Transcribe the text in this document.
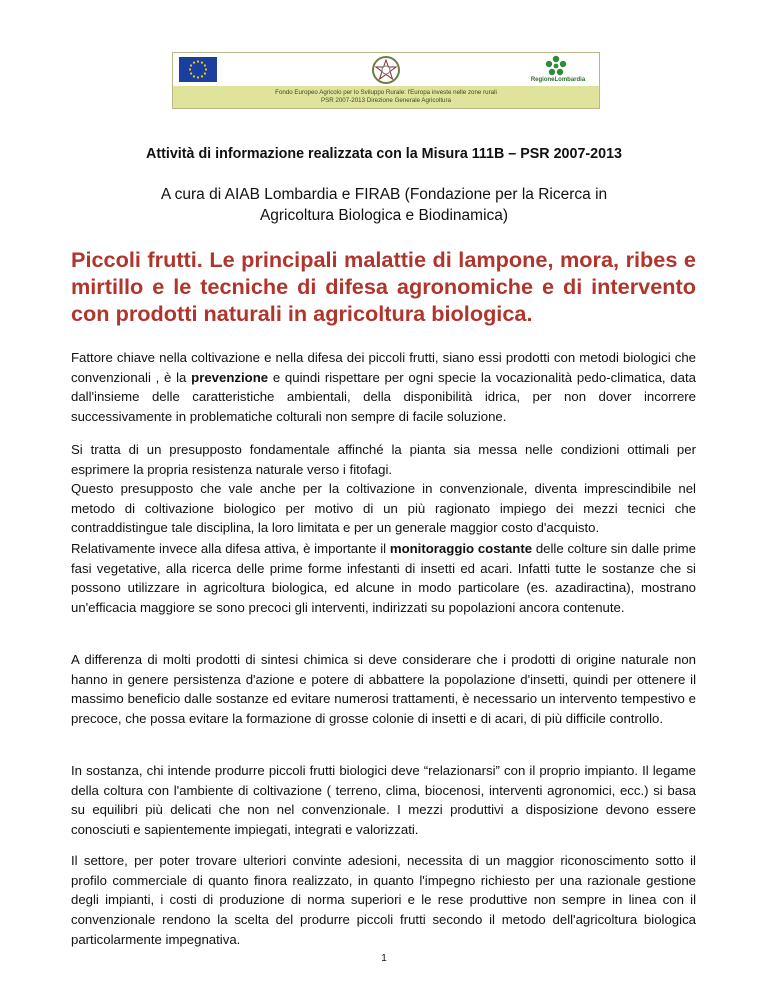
RegioneLombardia
Fondo Europeo Agricolo per lo Sviluppo Rurale: l'Europa investe nelle zone rurali
PSR 2007-2013 Direzione Generale Agricoltura
Attività di informazione realizzata con la Misura 111B – PSR 2007-2013
A cura di AIAB Lombardia e FIRAB (Fondazione per la Ricerca in
Agricoltura Biologica e Biodinamica)
Piccoli frutti. Le principali malattie di lampone, mora, ribes e mirtillo e le tecniche di difesa agronomiche e di intervento con prodotti naturali in agricoltura biologica.

Fattore chiave nella coltivazione e nella difesa dei piccoli frutti, siano essi prodotti con metodi biologici che convenzionali , è la prevenzione e quindi rispettare per ogni specie la vocazionalità pedo-climatica, data dall'insieme delle caratteristiche ambientali, della disponibilità idrica, per non dover incorrere successivamente in problematiche colturali non sempre di facile soluzione.

Si tratta di un presupposto fondamentale affinché la pianta sia messa nelle condizioni ottimali per esprimere la propria resistenza naturale verso i fitofagi.

Questo presupposto che vale anche per la coltivazione in convenzionale, diventa imprescindibile nel metodo di coltivazione biologico per motivo di un più ragionato impiego dei mezzi tecnici che contraddistingue tale disciplina, la loro limitata e per un generale maggior costo d'acquisto.

Relativamente invece alla difesa attiva, è importante il monitoraggio costante delle colture sin dalle prime fasi vegetative, alla ricerca delle prime forme infestanti di insetti ed acari. Infatti tutte le sostanze che si possono utilizzare in agricoltura biologica, ed alcune in modo particolare (es. azadiractina), mostrano un'efficacia maggiore se sono precoci gli interventi, indirizzati su popolazioni ancora contenute.

A differenza di molti prodotti di sintesi chimica si deve considerare che i prodotti di origine naturale non hanno in genere persistenza d'azione e potere di abbattere la popolazione d'insetti, quindi per ottenere il massimo beneficio dalle sostanze ed evitare numerosi trattamenti, è necessario un intervento tempestivo e precoce, che possa evitare la formazione di grosse colonie di insetti e di acari, di più difficile controllo.

In sostanza, chi intende produrre piccoli frutti biologici deve “relazionarsi” con il proprio impianto. Il legame della coltura con l'ambiente di coltivazione ( terreno, clima, biocenosi, interventi agronomici, ecc.) si basa su equilibri più delicati che non nel convenzionale. I mezzi produttivi a disposizione devono essere conosciuti e sapientemente impiegati, integrati e valorizzati.

Il settore, per poter trovare ulteriori convinte adesioni, necessita di un maggior riconoscimento sotto il profilo commerciale di quanto finora realizzato, in quanto l'impegno richiesto per una razionale gestione degli impianti, i costi di produzione di norma superiori e le rese produttive non sempre in linea con il convenzionale rendono la scelta del produrre piccoli frutti secondo il metodo dell'agricoltura biologica particolarmente impegnativa.

1
